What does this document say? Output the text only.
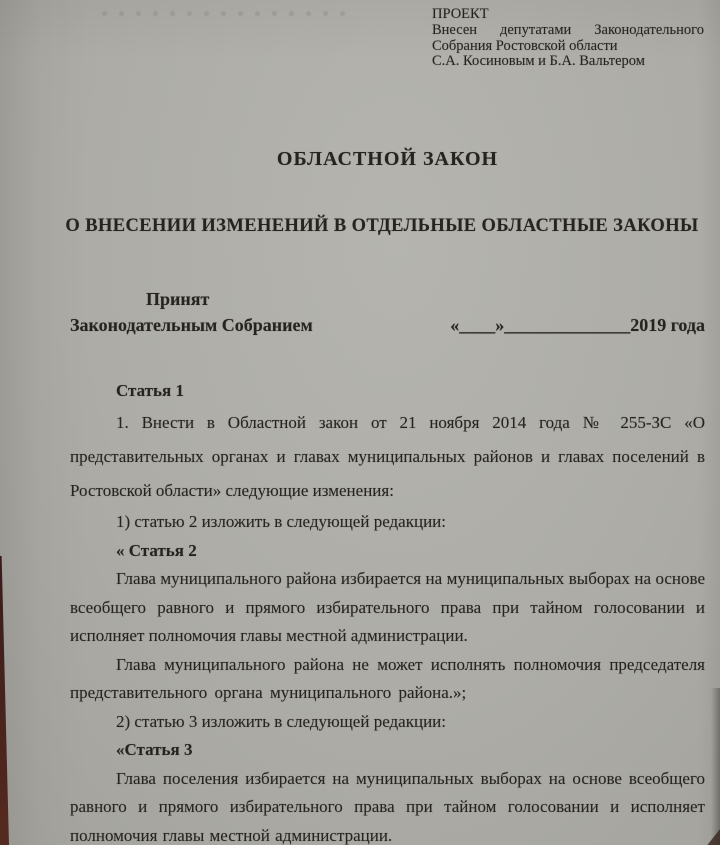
ПРОЕКТ
Внесен депутатами Законодательного
Собрания Ростовской области
С.А. Косиновым и Б.А. Вальтером
ОБЛАСТНОЙ ЗАКОН
О ВНЕСЕНИИ ИЗМЕНЕНИЙ В ОТДЕЛЬНЫЕ ОБЛАСТНЫЕ ЗАКОНЫ
Принят
Законодательным Собранием	«____»______________2019 года

Статья 1

1. Внести в Областной закон от 21 ноября 2014 года № 255-ЗС «О представительных органах и главах муниципальных районов и главах поселений в Ростовской области» следующие изменения:

1) статью 2 изложить в следующей редакции:

« Статья 2

Глава муниципального района избирается на муниципальных выборах на основе всеобщего равного и прямого избирательного права при тайном голосовании и исполняет полномочия главы местной администрации.

Глава муниципального района не может исполнять полномочия председателя представительного органа муниципального района.»;

2) статью 3 изложить в следующей редакции:

«Статья 3

Глава поселения избирается на муниципальных выборах на основе всеобщего равного и прямого избирательного права при тайном голосовании и исполняет полномочия главы местной администрации.
